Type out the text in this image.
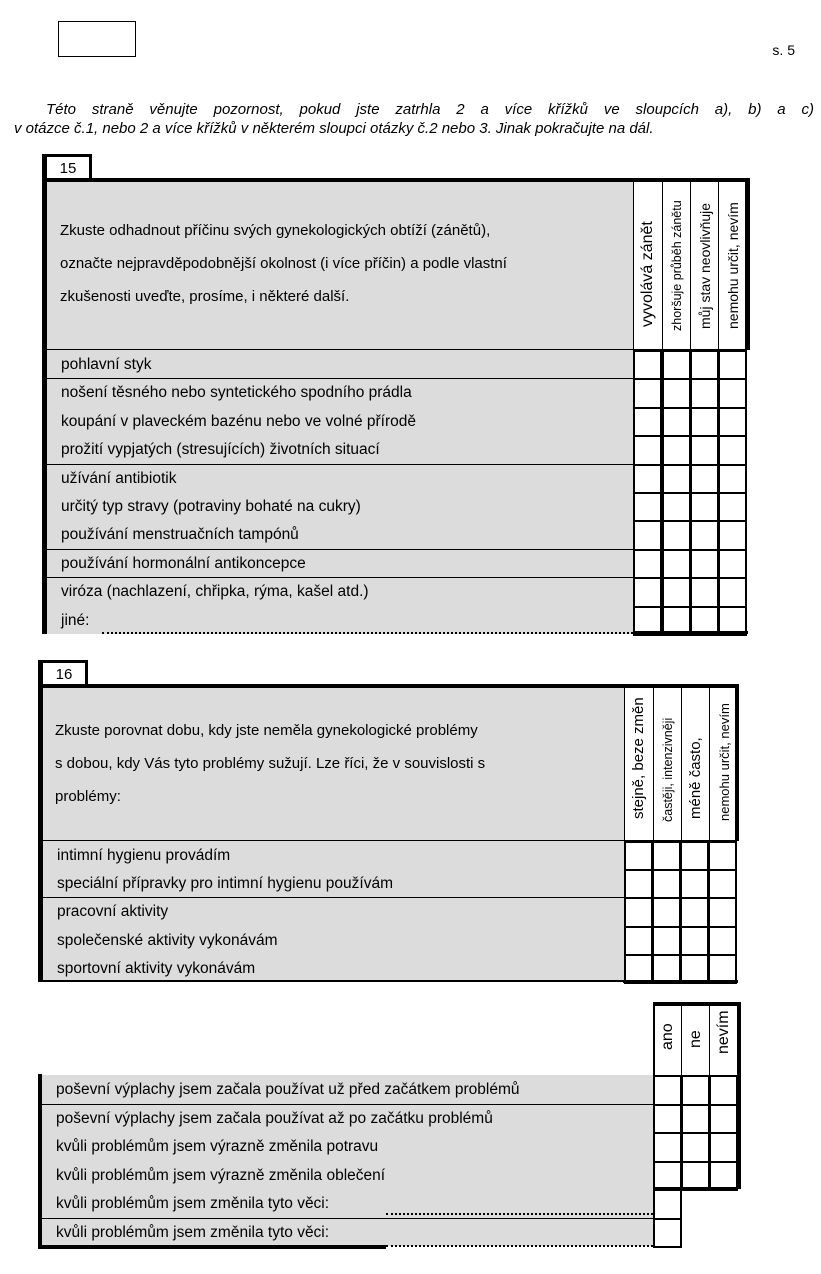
s. 5
Této straně věnujte pozornost, pokud jste zatrhla 2 a více křížků ve sloupcích a), b) a c)
v otázce č.1, nebo 2 a více křížků v některém sloupci otázky č.2 nebo 3. Jinak pokračujte na dál.
15
Zkuste odhadnout příčinu svých gynekologických obtíží (zánětů),
označte nejpravděpodobnější okolnost (i více příčin) a podle vlastní
zkušenosti uveďte, prosíme, i některé další.	vyvolává zánět zhoršuje průběh zánětu můj stav neovlivňuje nemohu určit, nevím
pohlavní styk
nošení těsného nebo syntetického spodního prádla
koupání v plaveckém bazénu nebo ve volné přírodě
prožití vypjatých (stresujících) životních situací
užívání antibiotik
určitý typ stravy (potraviny bohaté na cukry)
používání menstruačních tampónů
používání hormonální antikoncepce
viróza (nachlazení, chřipka, rýma, kašel atd.)
jiné:
16
Zkuste porovnat dobu, kdy jste neměla gynekologické problémy
s dobou, kdy Vás tyto problémy sužují. Lze říci, že v souvislosti s
problémy:	stejně, beze změn častěji, intenzivněji méně často, nemohu určit, nevím
intimní hygienu provádím
speciální přípravky pro intimní hygienu používám
pracovní aktivity
společenské aktivity vykonávám
sportovní aktivity vykonávám
ano ne nevím
poševní výplachy jsem začala používat už před začátkem problémů
poševní výplachy jsem začala používat až po začátku problémů
kvůli problémům jsem výrazně změnila potravu
kvůli problémům jsem výrazně změnila oblečení
kvůli problémům jsem změnila tyto věci:
kvůli problémům jsem změnila tyto věci:
